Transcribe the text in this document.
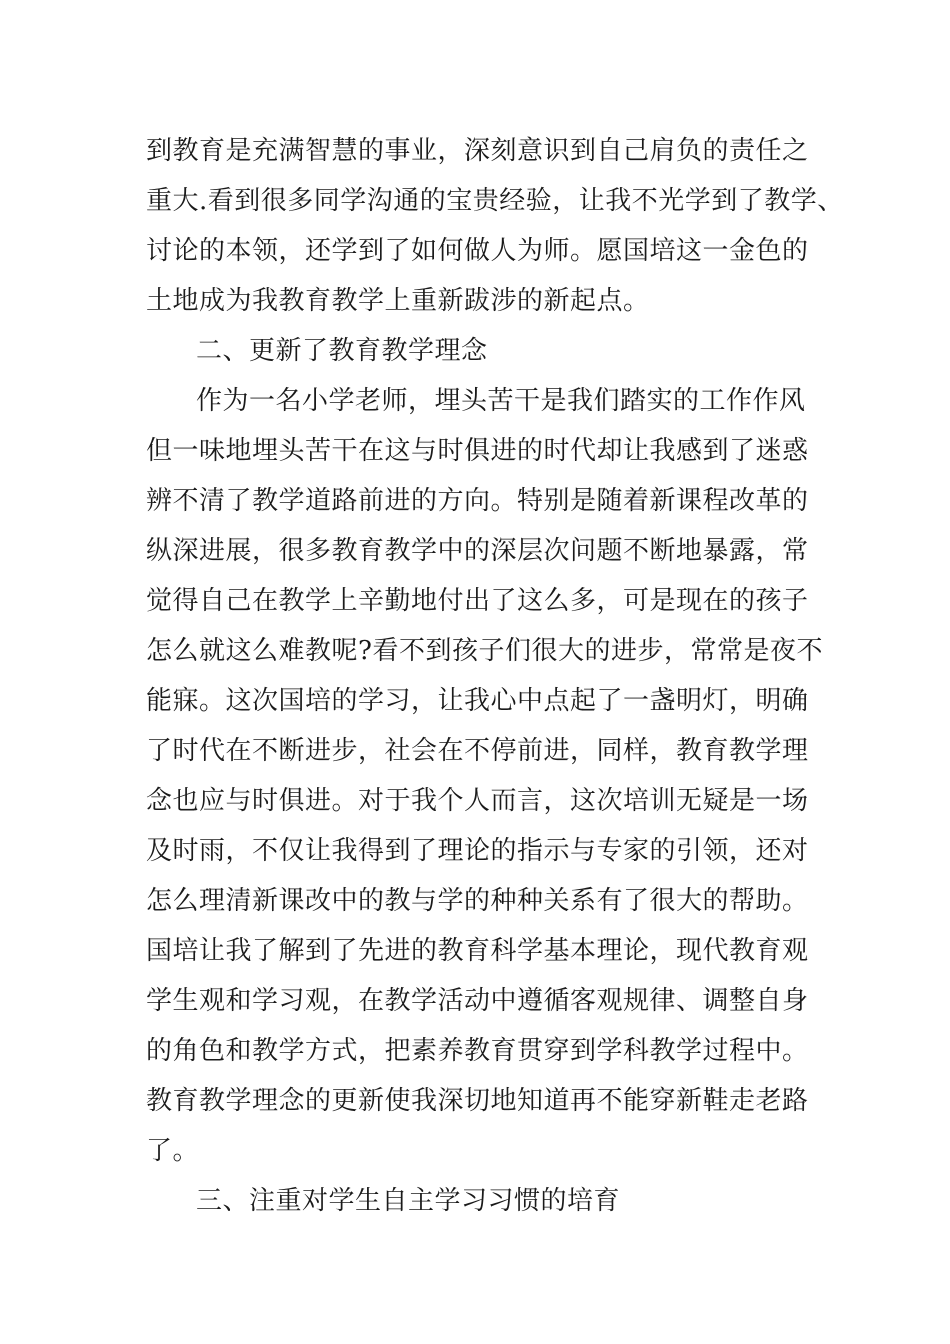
到教育是充满智慧的事业，深刻意识到自己肩负的责任之
重大.看到很多同学沟通的宝贵经验，让我不光学到了教学、
讨论的本领，还学到了如何做人为师。愿国培这一金色的
土地成为我教育教学上重新跋涉的新起点。
二、更新了教育教学理念
作为一名小学老师，埋头苦干是我们踏实的工作作风
但一味地埋头苦干在这与时俱进的时代却让我感到了迷惑
辨不清了教学道路前进的方向。特别是随着新课程改革的
纵深进展，很多教育教学中的深层次问题不断地暴露，常
觉得自己在教学上辛勤地付出了这么多，可是现在的孩子
怎么就这么难教呢?看不到孩子们很大的进步，常常是夜不
能寐。这次国培的学习，让我心中点起了一盏明灯，明确
了时代在不断进步，社会在不停前进，同样，教育教学理
念也应与时俱进。对于我个人而言，这次培训无疑是一场
及时雨，不仅让我得到了理论的指示与专家的引领，还对
怎么理清新课改中的教与学的种种关系有了很大的帮助。
国培让我了解到了先进的教育科学基本理论，现代教育观
学生观和学习观，在教学活动中遵循客观规律、调整自身
的角色和教学方式，把素养教育贯穿到学科教学过程中。
教育教学理念的更新使我深切地知道再不能穿新鞋走老路
了。
三、注重对学生自主学习习惯的培育
